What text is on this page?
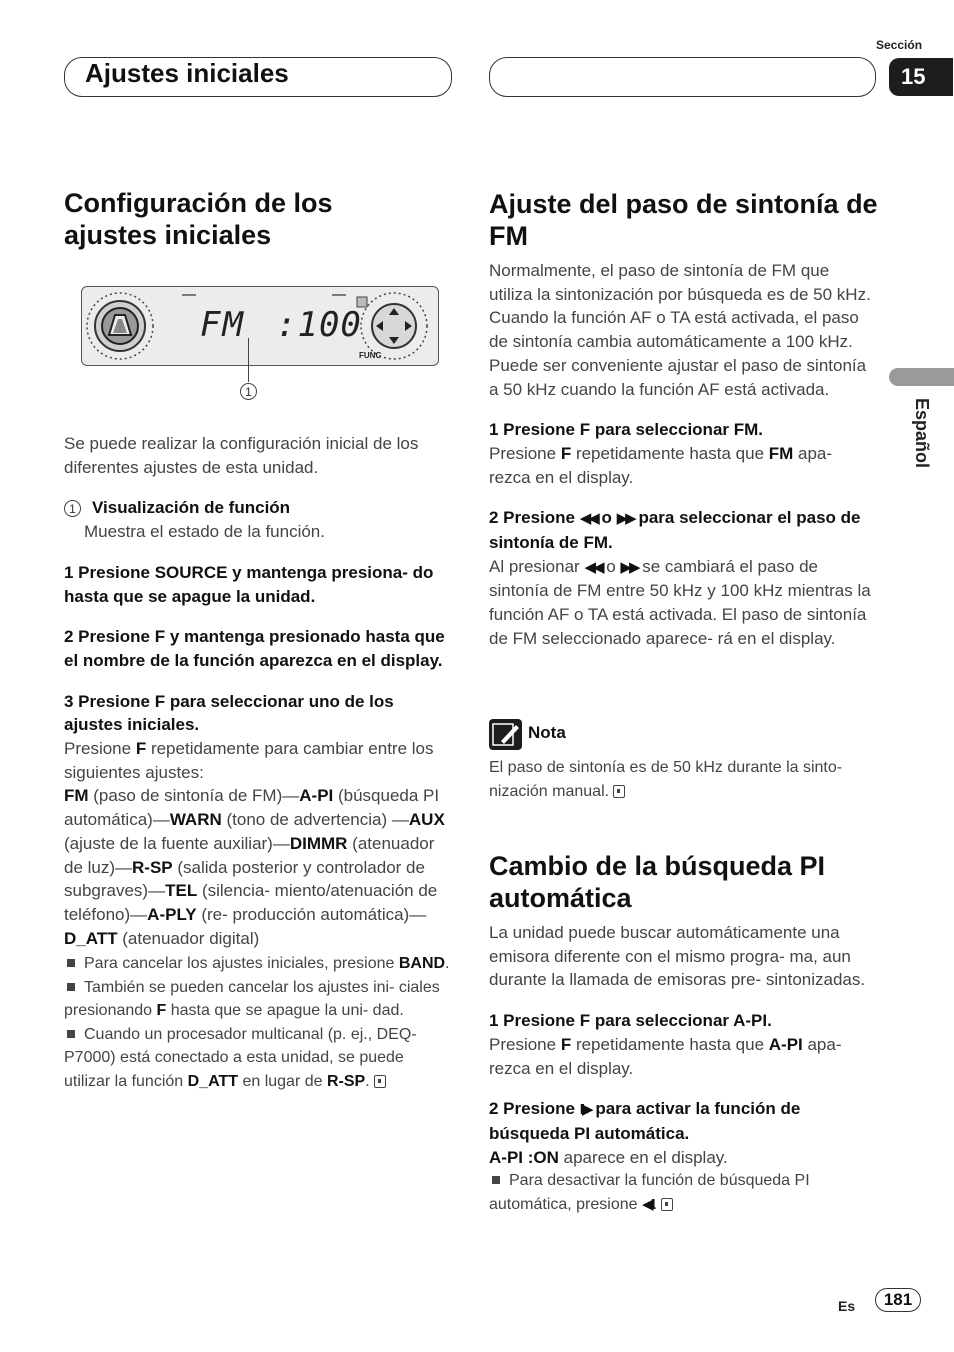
Ajustes iniciales
Sección
15
Español
Configuración de los ajustes iniciales
FM :100
FUNC
1

Se puede realizar la configuración inicial de los diferentes ajustes de esta unidad.

1 Visualización de función

Muestra el estado de la función.

1 Presione SOURCE y mantenga presiona- do hasta que se apague la unidad.

2 Presione F y mantenga presionado hasta que el nombre de la función aparezca en el display.

3 Presione F para seleccionar uno de los ajustes iniciales.

Presione F repetidamente para cambiar entre los siguientes ajustes:
FM (paso de sintonía de FM)—A-PI (búsqueda PI automática)—WARN (tono de advertencia) —AUX (ajuste de la fuente auxiliar)—DIMMR (atenuador de luz)—R-SP (salida posterior y controlador de subgraves)—TEL (silencia- miento/atenuación de teléfono)—A-PLY (re- producción automática)—D_ATT (atenuador digital)

Para cancelar los ajustes iniciales, presione BAND.

También se pueden cancelar los ajustes ini- ciales presionando F hasta que se apague la uni- dad.

Cuando un procesador multicanal (p. ej., DEQ-P7000) está conectado a esta unidad, se puede utilizar la función D_ATT en lugar de R-SP.

Ajuste del paso de sintonía de FM

Normalmente, el paso de sintonía de FM que utiliza la sintonización por búsqueda es de 50 kHz. Cuando la función AF o TA está activada, el paso de sintonía cambia automáticamente a 100 kHz. Puede ser conveniente ajustar el paso de sintonía a 50 kHz cuando la función AF está activada.

1 Presione F para seleccionar FM.

Presione F repetidamente hasta que FM apa- rezca en el display.

2 Presione ◀◀ o ▶▶ para seleccionar el paso de sintonía de FM.

Al presionar ◀◀ o ▶▶ se cambiará el paso de sintonía de FM entre 50 kHz y 100 kHz mientras la función AF o TA está activada. El paso de sintonía de FM seleccionado aparece- rá en el display.

Nota
El paso de sintonía es de 50 kHz durante la sinto- nización manual.
Cambio de la búsqueda PI automática

La unidad puede buscar automáticamente una emisora diferente con el mismo progra- ma, aun durante la llamada de emisoras pre- sintonizadas.

1 Presione F para seleccionar A-PI.

Presione F repetidamente hasta que A-PI apa- rezca en el display.

2 Presione II▶ para activar la función de búsqueda PI automática.

A-PI :ON aparece en el display.

Para desactivar la función de búsqueda PI automática, presione ◀II.

Es	181
